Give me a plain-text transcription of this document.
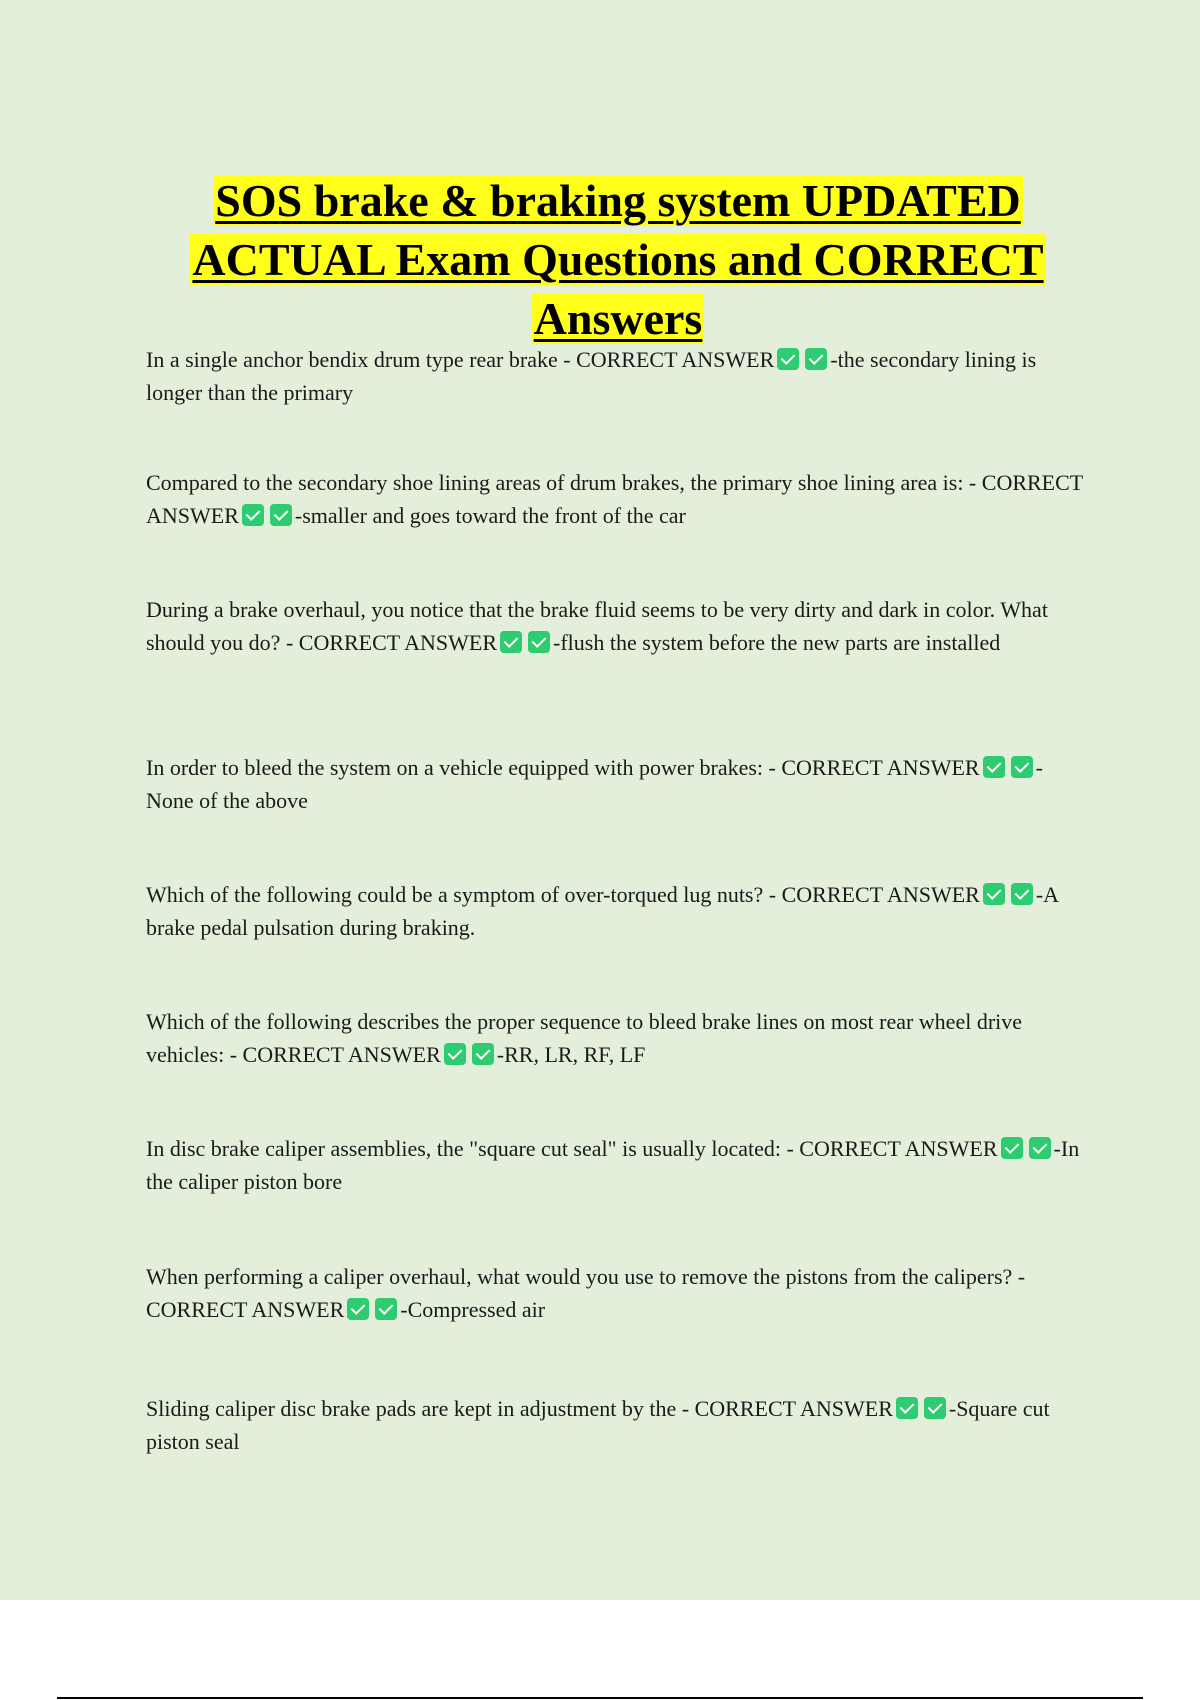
SOS brake & braking system UPDATED
ACTUAL Exam Questions and CORRECT
Answers

In a single anchor bendix drum type rear brake - CORRECT ANSWER	-the secondary lining is longer than the primary

Compared to the secondary shoe lining areas of drum brakes, the primary shoe lining area is: - CORRECT ANSWER	-smaller and goes toward the front of the car

During a brake overhaul, you notice that the brake fluid seems to be very dirty and dark in color. What should you do? - CORRECT ANSWER	-flush the system before the new parts are installed

In order to bleed the system on a vehicle equipped with power brakes: - CORRECT ANSWER	-None of the above

Which of the following could be a symptom of over-torqued lug nuts? - CORRECT ANSWER	-A brake pedal pulsation during braking.

Which of the following describes the proper sequence to bleed brake lines on most rear wheel drive vehicles: - CORRECT ANSWER	-RR, LR, RF, LF

In disc brake caliper assemblies, the "square cut seal" is usually located: - CORRECT ANSWER	-In the caliper piston bore

When performing a caliper overhaul, what would you use to remove the pistons from the calipers? - CORRECT ANSWER	-Compressed air

Sliding caliper disc brake pads are kept in adjustment by the - CORRECT ANSWER	-Square cut piston seal
